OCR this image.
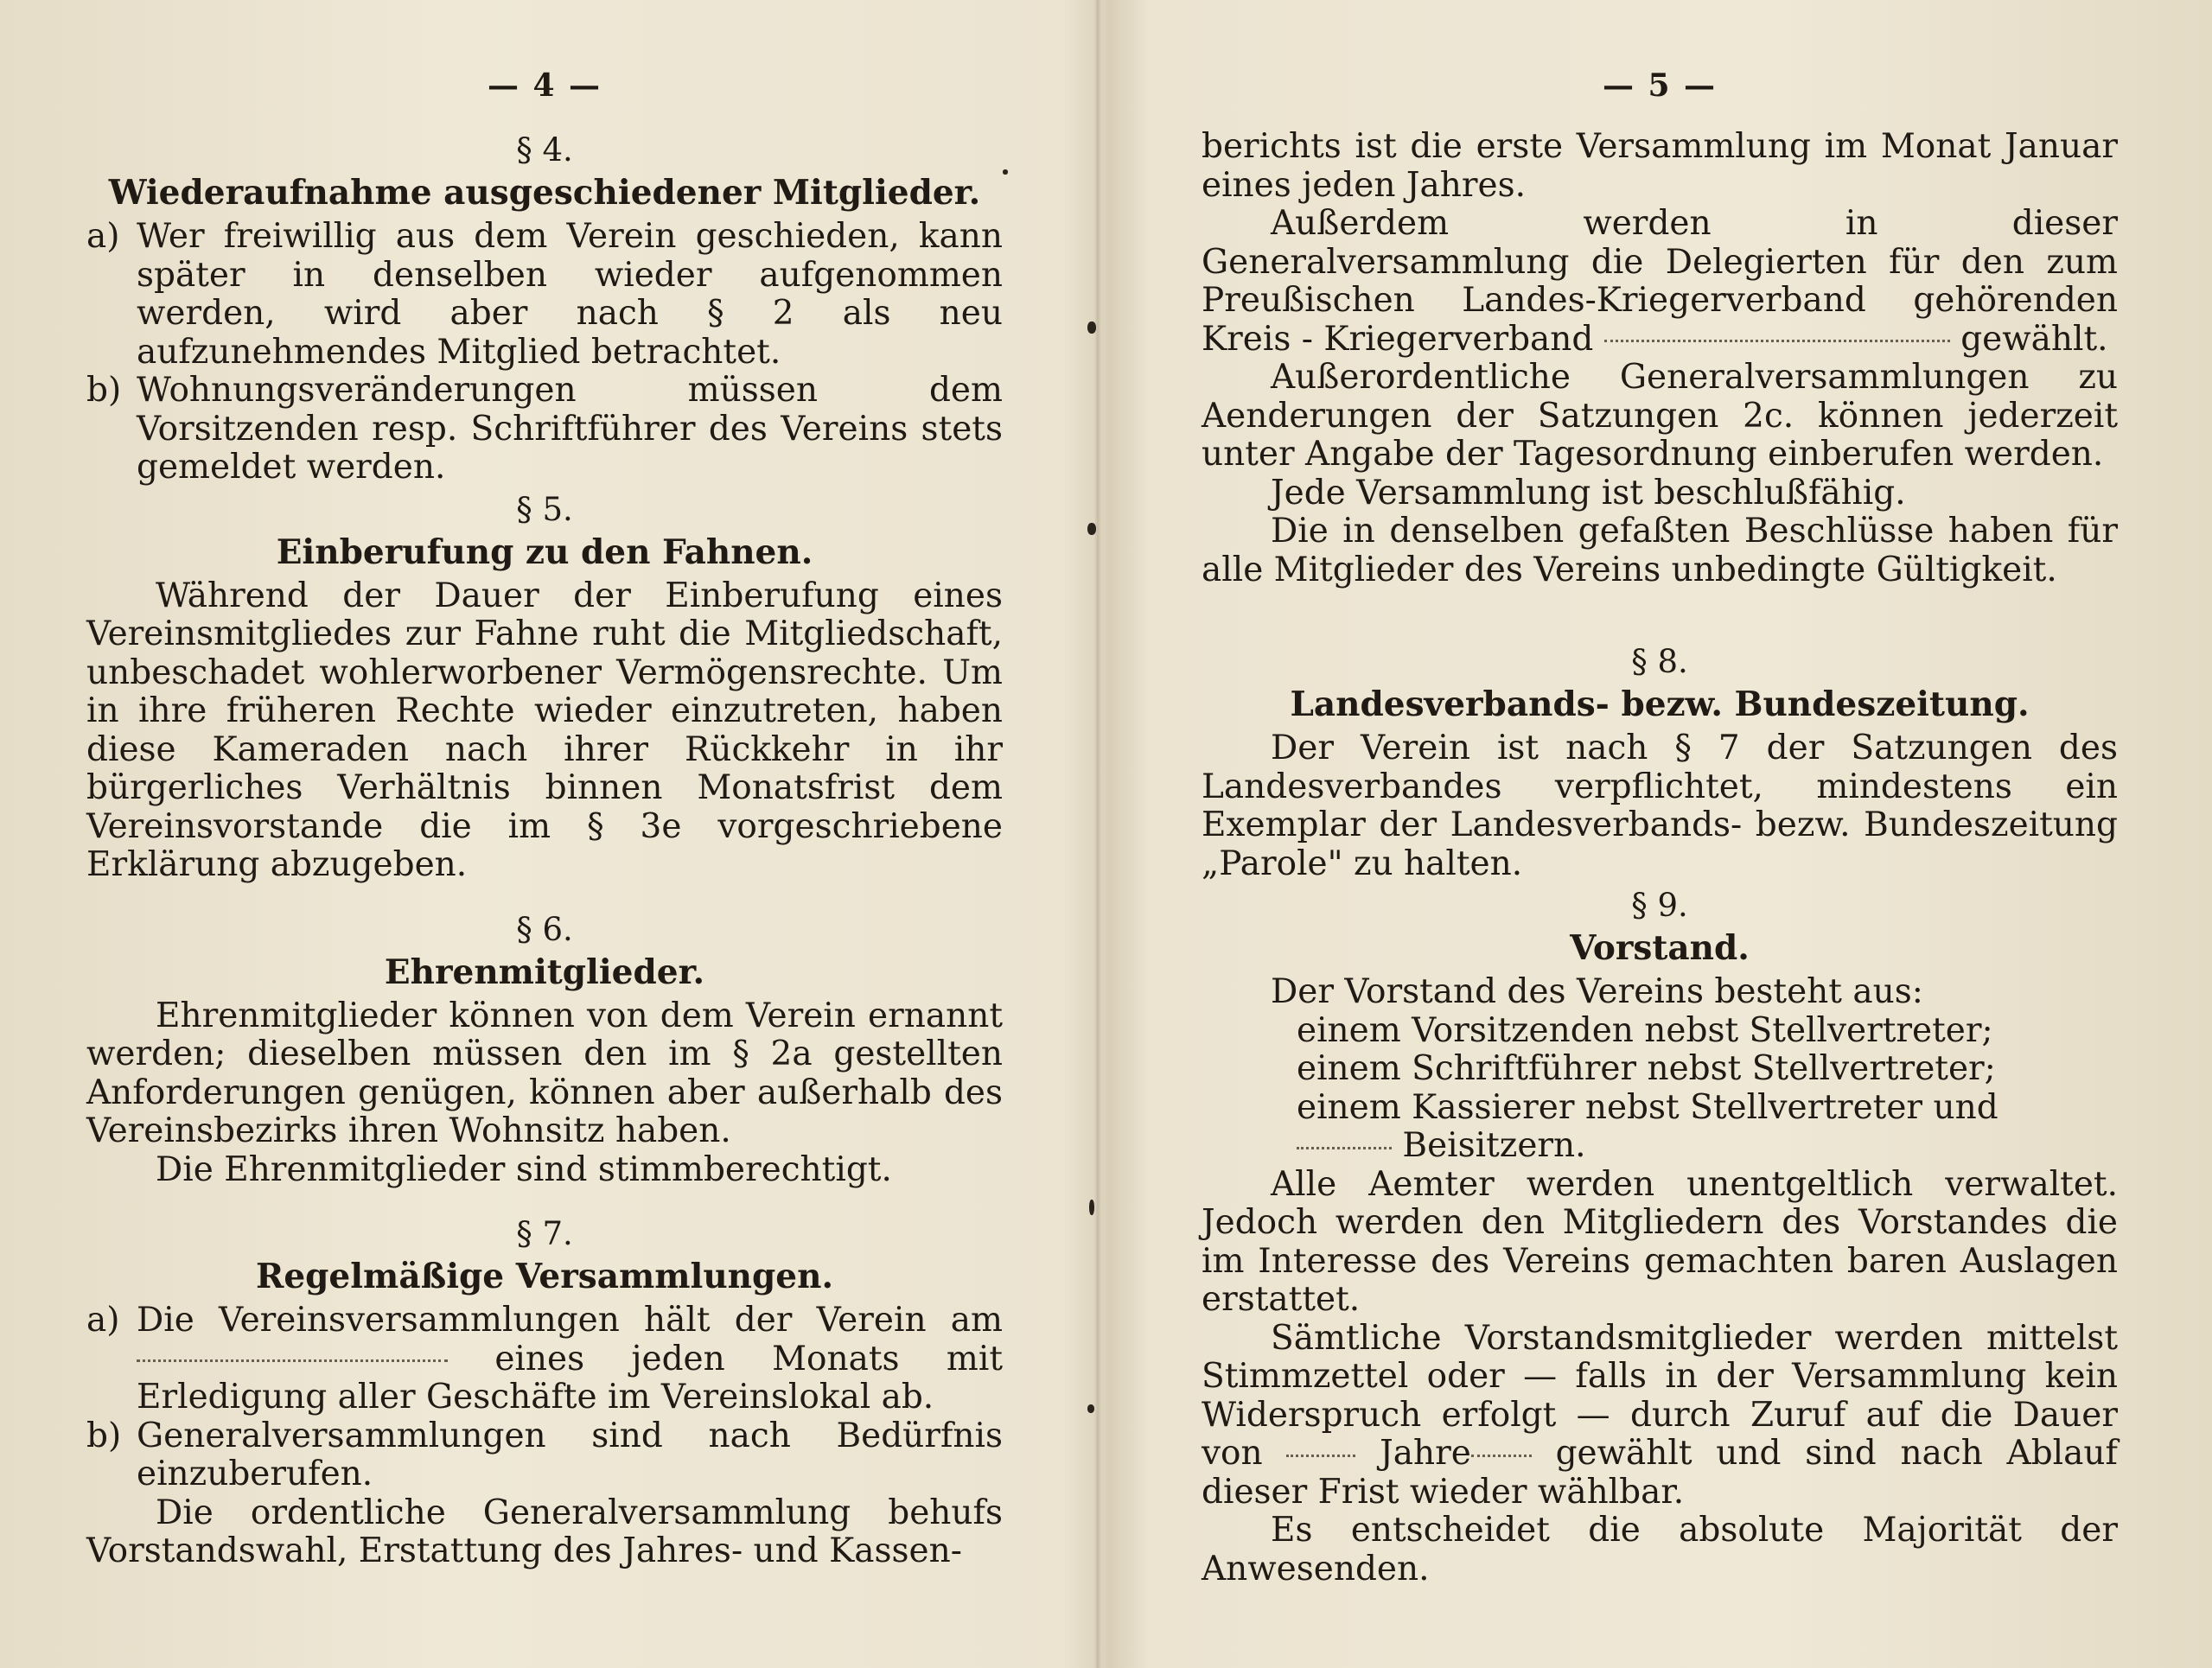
— 4 —
§ 4.
Wiederaufnahme ausgeschiedener Mitglieder.
a) Wer freiwillig aus dem Verein geschieden, kann später in denselben wieder aufgenommen werden, wird aber nach § 2 als neu aufzunehmendes Mitglied betrachtet.
b) Wohnungsveränderungen müssen dem Vorsitzenden resp. Schriftführer des Vereins stets gemeldet werden.
§ 5.
Einberufung zu den Fahnen.

Während der Dauer der Einberufung eines Vereinsmitgliedes zur Fahne ruht die Mitgliedschaft, unbeschadet wohlerworbener Vermögensrechte. Um in ihre früheren Rechte wieder einzutreten, haben diese Kameraden nach ihrer Rückkehr in ihr bürgerliches Verhältnis binnen Monatsfrist dem Vereinsvorstande die im § 3e vorgeschriebene Erklärung abzugeben.

§ 6.
Ehrenmitglieder.

Ehrenmitglieder können von dem Verein ernannt werden; dieselben müssen den im § 2a gestellten Anforderungen genügen, können aber außerhalb des Vereinsbezirks ihren Wohnsitz haben.

Die Ehrenmitglieder sind stimmberechtigt.

§ 7.
Regelmäßige Versammlungen.
a) Die Vereinsversammlungen hält der Verein am  eines jeden Monats mit Erledigung aller Geschäfte im Vereinslokal ab.
b) Generalversammlungen sind nach Bedürfnis einzuberufen.

Die ordentliche Generalversammlung behufs Vorstandswahl, Erstattung des Jahres- und Kassen-

— 5 —

berichts ist die erste Versammlung im Monat Januar eines jeden Jahres.

Außerdem werden in dieser Generalversammlung die Delegierten für den zum Preußischen Landes-Kriegerverband gehörenden Kreis - Kriegerverband	gewählt.

Außerordentliche Generalversammlungen zu Aenderungen der Satzungen 2c. können jederzeit unter Angabe der Tagesordnung einberufen werden.

Jede Versammlung ist beschlußfähig.

Die in denselben gefaßten Beschlüsse haben für alle Mitglieder des Vereins unbedingte Gültigkeit.

§ 8.
Landesverbands- bezw. Bundeszeitung.

Der Verein ist nach § 7 der Satzungen des Landesverbandes verpflichtet, mindestens ein Exemplar der Landesverbands- bezw. Bundeszeitung „Parole" zu halten.

§ 9.
Vorstand.

Der Vorstand des Vereins besteht aus:

einem Vorsitzenden nebst Stellvertreter;
einem Schriftführer nebst Stellvertreter;
einem Kassierer nebst Stellvertreter und
Beisitzern.

Alle Aemter werden unentgeltlich verwaltet. Jedoch werden den Mitgliedern des Vorstandes die im Interesse des Vereins gemachten baren Auslagen erstattet.

Sämtliche Vorstandsmitglieder werden mittelst Stimmzettel oder — falls in der Versammlung kein Widerspruch erfolgt — durch Zuruf auf die Dauer von	Jahre	gewählt und sind nach Ablauf dieser Frist wieder wählbar.

Es entscheidet die absolute Majorität der Anwesenden.
